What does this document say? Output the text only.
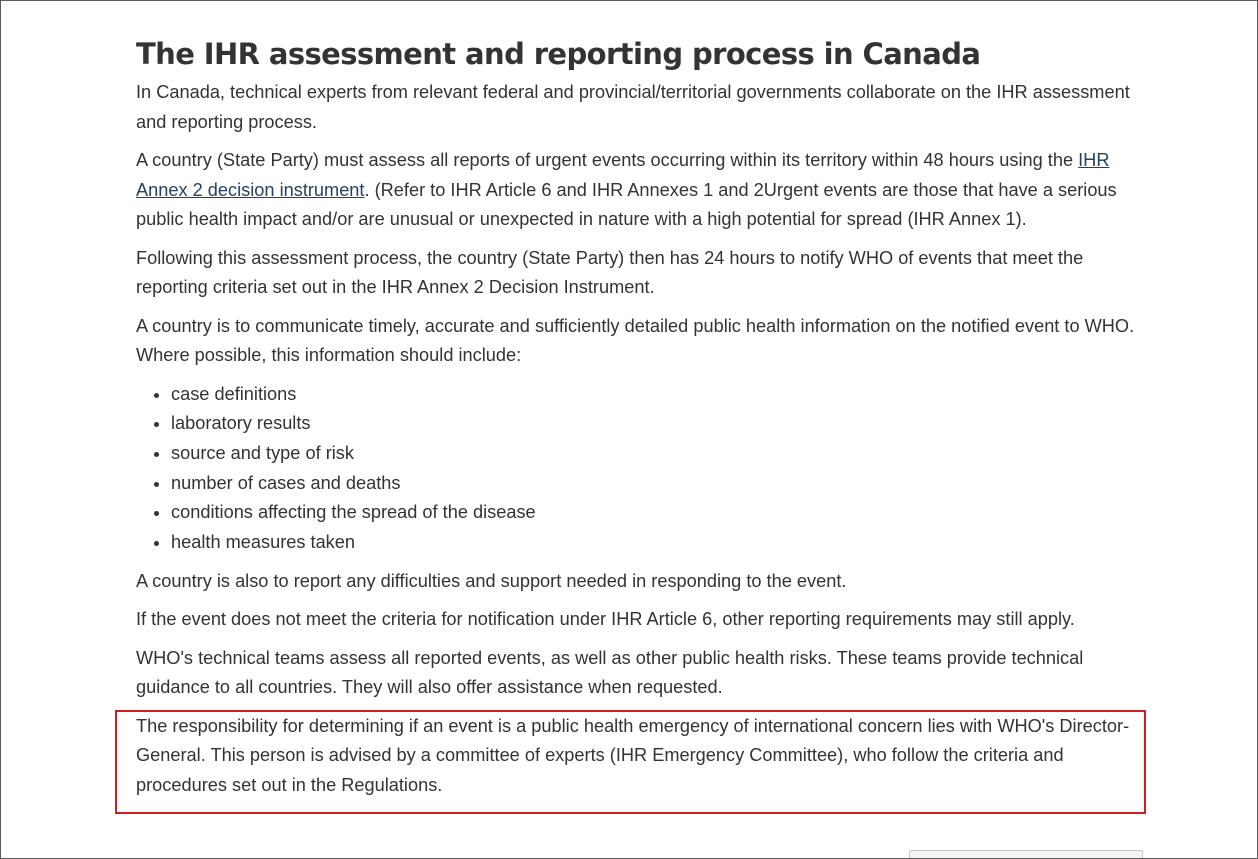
The IHR assessment and reporting process in Canada

In Canada, technical experts from relevant federal and provincial/territorial governments collaborate on the IHR assessment and reporting process.

A country (State Party) must assess all reports of urgent events occurring within its territory within 48 hours using the IHR Annex 2 decision instrument. (Refer to IHR Article 6 and IHR Annexes 1 and 2Urgent events are those that have a serious public health impact and/or are unusual or unexpected in nature with a high potential for spread (IHR Annex 1).

Following this assessment process, the country (State Party) then has 24 hours to notify WHO of events that meet the reporting criteria set out in the IHR Annex 2 Decision Instrument.

A country is to communicate timely, accurate and sufficiently detailed public health information on the notified event to WHO. Where possible, this information should include:

• case definitions
• laboratory results
• source and type of risk
• number of cases and deaths
• conditions affecting the spread of the disease
• health measures taken

A country is also to report any difficulties and support needed in responding to the event.

If the event does not meet the criteria for notification under IHR Article 6, other reporting requirements may still apply.

WHO's technical teams assess all reported events, as well as other public health risks. These teams provide technical guidance to all countries. They will also offer assistance when requested.

The responsibility for determining if an event is a public health emergency of international concern lies with WHO's Director-General. This person is advised by a committee of experts (IHR Emergency Committee), who follow the criteria and procedures set out in the Regulations.
